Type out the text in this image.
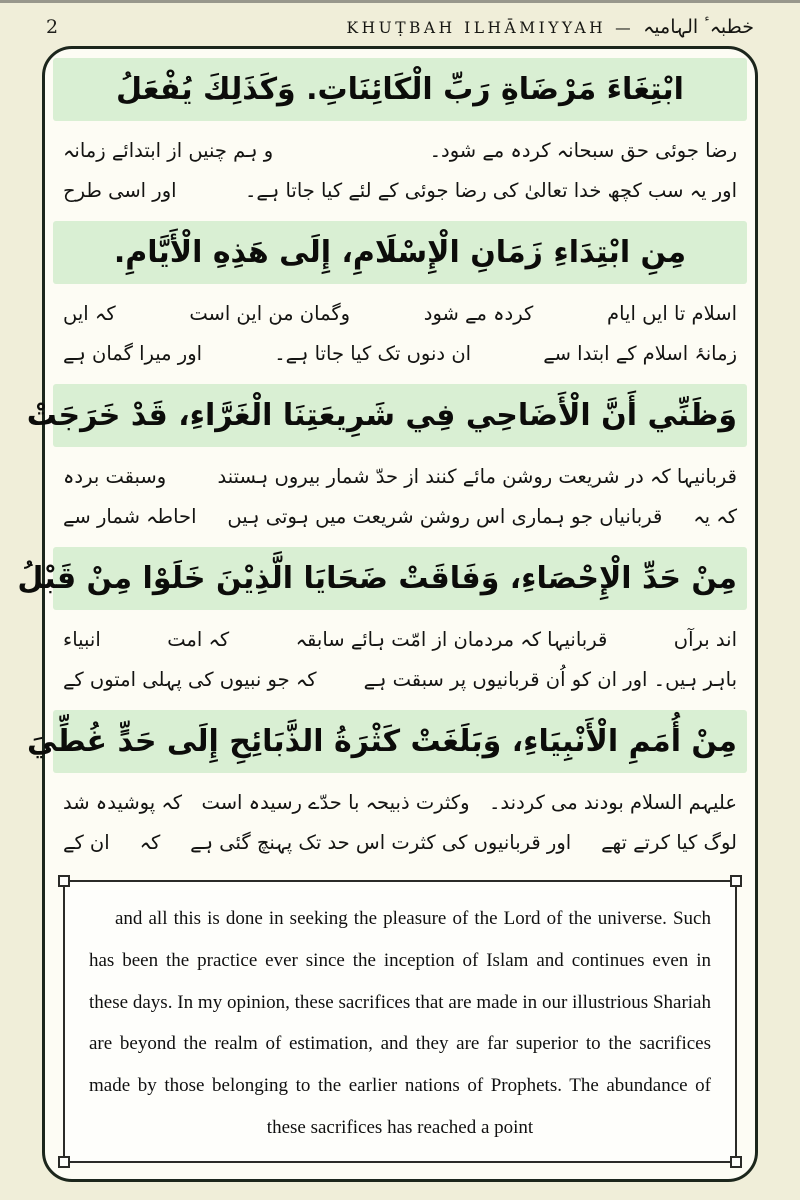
2	KHUṬBAH ILHĀMIYYAH — خطبہٴ الہامیہ
ابْتِغَاءَ مَرْضَاةِ رَبِّ الْكَائِنَاتِ. وَكَذَلِكَ يُفْعَلُ
رضا جوئی حق سبحانہ کردہ مے شود۔
و ہم چنیں از ابتدائے زمانہ
اور یہ سب کچھ خدا تعالیٰ کی رضا جوئی کے لئے کیا جاتا ہے۔
اور اسی طرح
مِنِ ابْتِدَاءِ زَمَانِ الْإِسْلَامِ، إِلَى هَذِهِ الْأَيَّامِ.
اسلام تا ایں ایام
کردہ مے شود
وگمان من این است
کہ ایں
زمانۂ اسلام کے ابتدا سے
ان دنوں تک کیا جاتا ہے۔
اور میرا گمان ہے
وَظَنِّي أَنَّ الْأَضَاحِي فِي شَرِيعَتِنَا الْغَرَّاءِ، قَدْ خَرَجَتْ
قربانیہا کہ در شریعت روشن مائے کنند از حدّ شمار بیروں ہستند
وسبقت بردہ
کہ یہ
قربانیاں جو ہماری اس روشن شریعت میں ہوتی ہیں
احاطہ شمار سے
مِنْ حَدِّ الْإِحْصَاءِ، وَفَاقَتْ ضَحَايَا الَّذِيْنَ خَلَوْا مِنْ قَبْلُ
اند برآں
قربانیہا کہ مردمان از امّت ہائے سابقہ
کہ امت
انبیاء
باہر ہیں۔ اور ان کو اُن قربانیوں پر سبقت ہے
کہ جو نبیوں کی پہلی امتوں کے
مِنْ أُمَمِ الْأَنْبِيَاءِ، وَبَلَغَتْ كَثْرَةُ الذَّبَائِحِ إِلَى حَدٍّ غُطِّيَ
علیہم السلام بودند می کردند۔
وکثرت ذبیحہ با حدّے رسیدہ است
کہ پوشیدہ شد
لوگ کیا کرتے تھے
اور قربانیوں کی کثرت اس حد تک پہنچ گئی ہے
کہ
ان کے

and all this is done in seeking the pleasure of the Lord of the universe. Such has been the practice ever since the inception of Islam and continues even in these days. In my opinion, these sacrifices that are made in our illustrious Shariah are beyond the realm of estimation, and they are far superior to the sacrifices made by those belonging to the earlier nations of Prophets. The abundance of these sacrifices has reached a point
